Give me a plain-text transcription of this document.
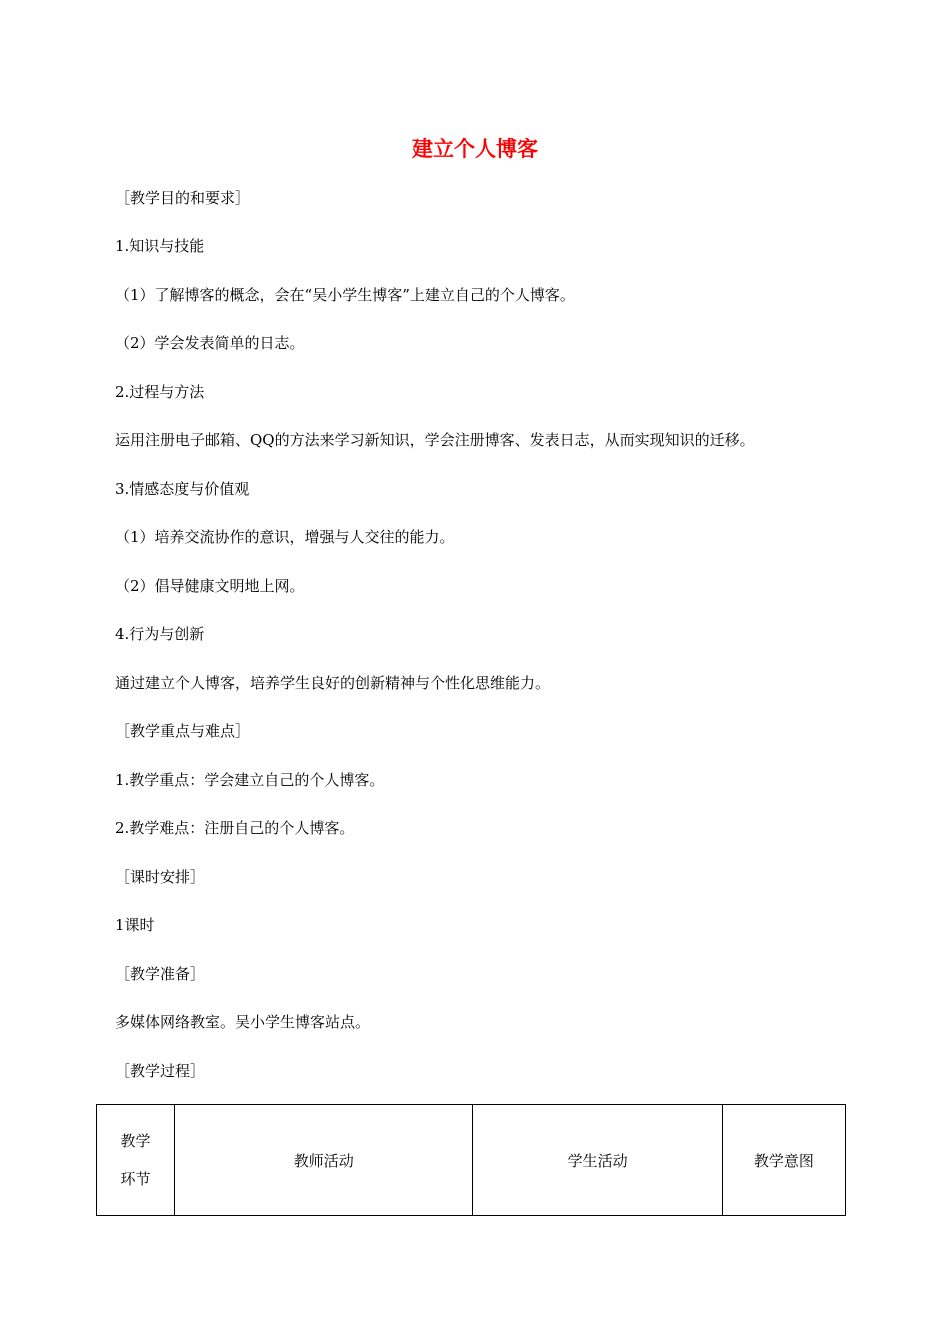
建立个人博客
［教学目的和要求］
1.知识与技能
（1）了解博客的概念，会在“吴小学生博客”上建立自己的个人博客。
（2）学会发表简单的日志。
2.过程与方法
运用注册电子邮箱、QQ的方法来学习新知识，学会注册博客、发表日志，从而实现知识的迁移。
3.情感态度与价值观
（1）培养交流协作的意识，增强与人交往的能力。
（2）倡导健康文明地上网。
4.行为与创新
通过建立个人博客，培养学生良好的创新精神与个性化思维能力。
［教学重点与难点］
1.教学重点：学会建立自己的个人博客。
2.教学难点：注册自己的个人博客。
［课时安排］
1课时
［教学准备］
多媒体网络教室。吴小学生博客站点。
［教学过程］
教学
环节
	教师活动	学生活动	教学意图
